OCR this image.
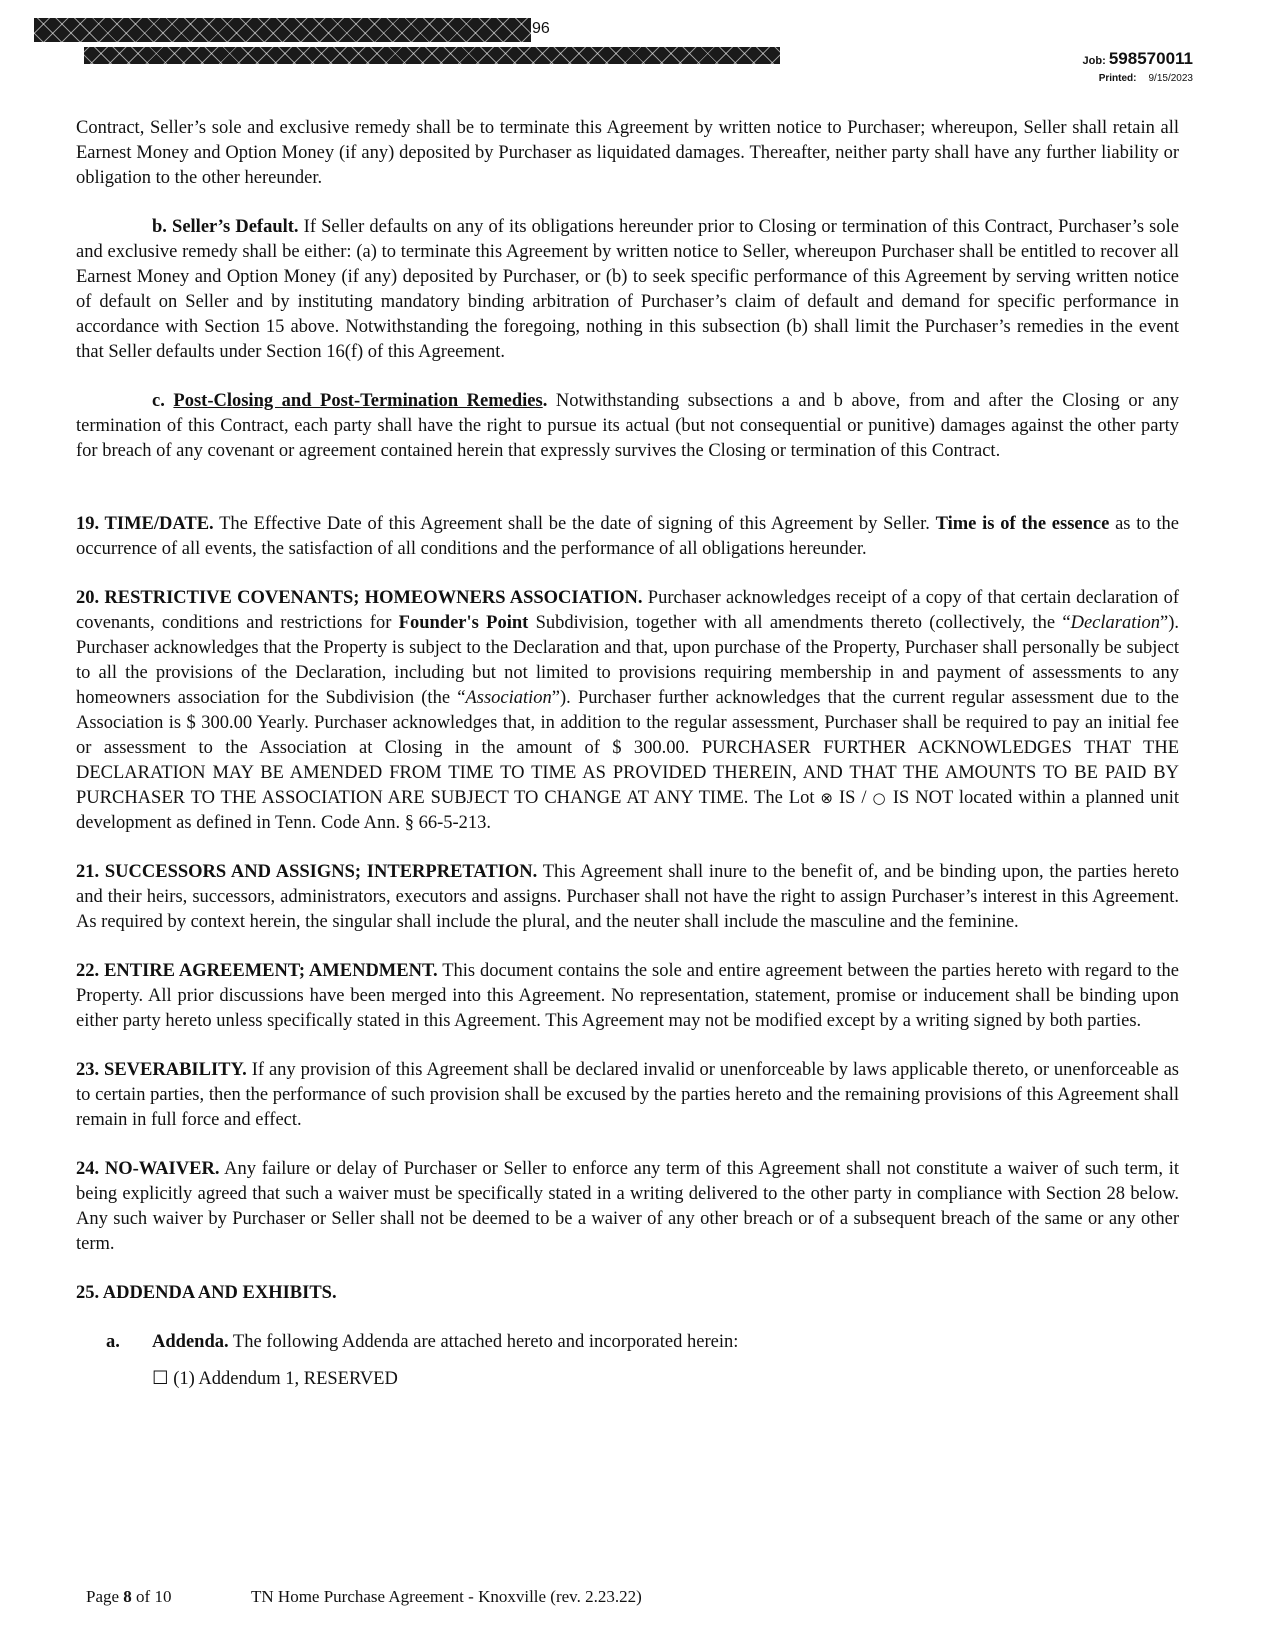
96
Job: 598570011
Printed: 9/15/2023

Contract, Seller’s sole and exclusive remedy shall be to terminate this Agreement by written notice to Purchaser; whereupon, Seller shall retain all Earnest Money and Option Money (if any) deposited by Purchaser as liquidated damages. Thereafter, neither party shall have any further liability or obligation to the other hereunder.

b. Seller’s Default. If Seller defaults on any of its obligations hereunder prior to Closing or termination of this Contract, Purchaser’s sole and exclusive remedy shall be either: (a) to terminate this Agreement by written notice to Seller, whereupon Purchaser shall be entitled to recover all Earnest Money and Option Money (if any) deposited by Purchaser, or (b) to seek specific performance of this Agreement by serving written notice of default on Seller and by instituting mandatory binding arbitration of Purchaser’s claim of default and demand for specific performance in accordance with Section 15 above. Notwithstanding the foregoing, nothing in this subsection (b) shall limit the Purchaser’s remedies in the event that Seller defaults under Section 16(f) of this Agreement.

c. Post-Closing and Post-Termination Remedies. Notwithstanding subsections a and b above, from and after the Closing or any termination of this Contract, each party shall have the right to pursue its actual (but not consequential or punitive) damages against the other party for breach of any covenant or agreement contained herein that expressly survives the Closing or termination of this Contract.

19. TIME/DATE. The Effective Date of this Agreement shall be the date of signing of this Agreement by Seller. Time is of the essence as to the occurrence of all events, the satisfaction of all conditions and the performance of all obligations hereunder.

20. RESTRICTIVE COVENANTS; HOMEOWNERS ASSOCIATION. Purchaser acknowledges receipt of a copy of that certain declaration of covenants, conditions and restrictions for Founder's Point Subdivision, together with all amendments thereto (collectively, the “Declaration”). Purchaser acknowledges that the Property is subject to the Declaration and that, upon purchase of the Property, Purchaser shall personally be subject to all the provisions of the Declaration, including but not limited to provisions requiring membership in and payment of assessments to any homeowners association for the Subdivision (the “Association”). Purchaser further acknowledges that the current regular assessment due to the Association is $ 300.00 Yearly. Purchaser acknowledges that, in addition to the regular assessment, Purchaser shall be required to pay an initial fee or assessment to the Association at Closing in the amount of $ 300.00. PURCHASER FURTHER ACKNOWLEDGES THAT THE DECLARATION MAY BE AMENDED FROM TIME TO TIME AS PROVIDED THEREIN, AND THAT THE AMOUNTS TO BE PAID BY PURCHASER TO THE ASSOCIATION ARE SUBJECT TO CHANGE AT ANY TIME. The Lot ⊗ IS / ○ IS NOT located within a planned unit development as defined in Tenn. Code Ann. § 66-5-213.

21. SUCCESSORS AND ASSIGNS; INTERPRETATION. This Agreement shall inure to the benefit of, and be binding upon, the parties hereto and their heirs, successors, administrators, executors and assigns. Purchaser shall not have the right to assign Purchaser’s interest in this Agreement. As required by context herein, the singular shall include the plural, and the neuter shall include the masculine and the feminine.

22. ENTIRE AGREEMENT; AMENDMENT. This document contains the sole and entire agreement between the parties hereto with regard to the Property. All prior discussions have been merged into this Agreement. No representation, statement, promise or inducement shall be binding upon either party hereto unless specifically stated in this Agreement. This Agreement may not be modified except by a writing signed by both parties.

23. SEVERABILITY. If any provision of this Agreement shall be declared invalid or unenforceable by laws applicable thereto, or unenforceable as to certain parties, then the performance of such provision shall be excused by the parties hereto and the remaining provisions of this Agreement shall remain in full force and effect.

24. NO-WAIVER. Any failure or delay of Purchaser or Seller to enforce any term of this Agreement shall not constitute a waiver of such term, it being explicitly agreed that such a waiver must be specifically stated in a writing delivered to the other party in compliance with Section 28 below. Any such waiver by Purchaser or Seller shall not be deemed to be a waiver of any other breach or of a subsequent breach of the same or any other term.

25. ADDENDA AND EXHIBITS.

a. Addenda. The following Addenda are attached hereto and incorporated herein:
☐ (1) Addendum 1, RESERVED
Page 8 of 10	TN Home Purchase Agreement - Knoxville (rev. 2.23.22)
